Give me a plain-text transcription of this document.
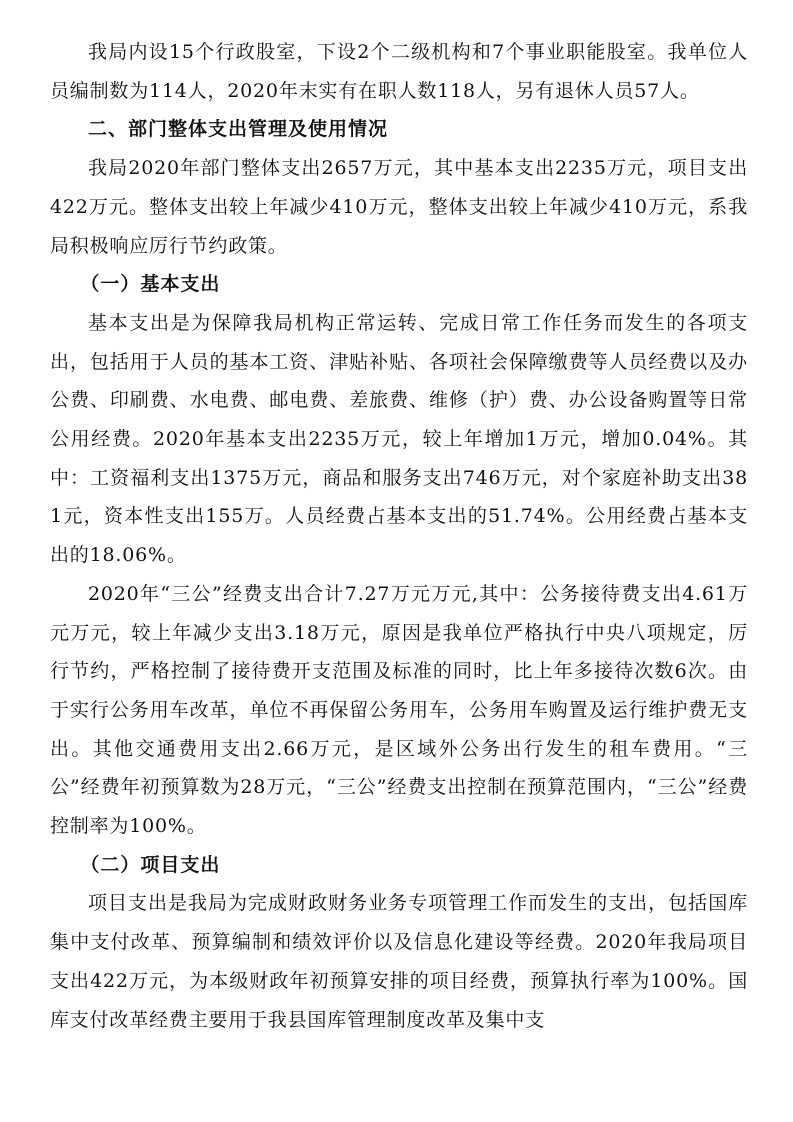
我局内设15个行政股室，下设2个二级机构和7个事业职能股室。我单位人员编制数为114人，2020年末实有在职人数118人，另有退休人员57人。

二、部门整体支出管理及使用情况

我局2020年部门整体支出2657万元，其中基本支出2235万元，项目支出422万元。整体支出较上年减少410万元，整体支出较上年减少410万元，系我局积极响应厉行节约政策。

（一）基本支出

基本支出是为保障我局机构正常运转、完成日常工作任务而发生的各项支出，包括用于人员的基本工资、津贴补贴、各项社会保障缴费等人员经费以及办公费、印刷费、水电费、邮电费、差旅费、维修（护）费、办公设备购置等日常公用经费。2020年基本支出2235万元，较上年增加1万元，增加0.04%。其中：工资福利支出1375万元，商品和服务支出746万元，对个家庭补助支出381元，资本性支出155万。人员经费占基本支出的51.74%。公用经费占基本支出的18.06%。

2020年“三公”经费支出合计7.27万元万元,其中：公务接待费支出4.61万元万元，较上年减少支出3.18万元，原因是我单位严格执行中央八项规定，厉行节约，严格控制了接待费开支范围及标准的同时，比上年多接待次数6次。由于实行公务用车改革，单位不再保留公务用车，公务用车购置及运行维护费无支出。其他交通费用支出2.66万元，是区域外公务出行发生的租车费用。“三公”经费年初预算数为28万元，“三公”经费支出控制在预算范围内，“三公”经费控制率为100%。

（二）项目支出

项目支出是我局为完成财政财务业务专项管理工作而发生的支出，包括国库集中支付改革、预算编制和绩效评价以及信息化建设等经费。2020年我局项目支出422万元，为本级财政年初预算安排的项目经费，预算执行率为100%。国库支付改革经费主要用于我县国库管理制度改革及集中支
